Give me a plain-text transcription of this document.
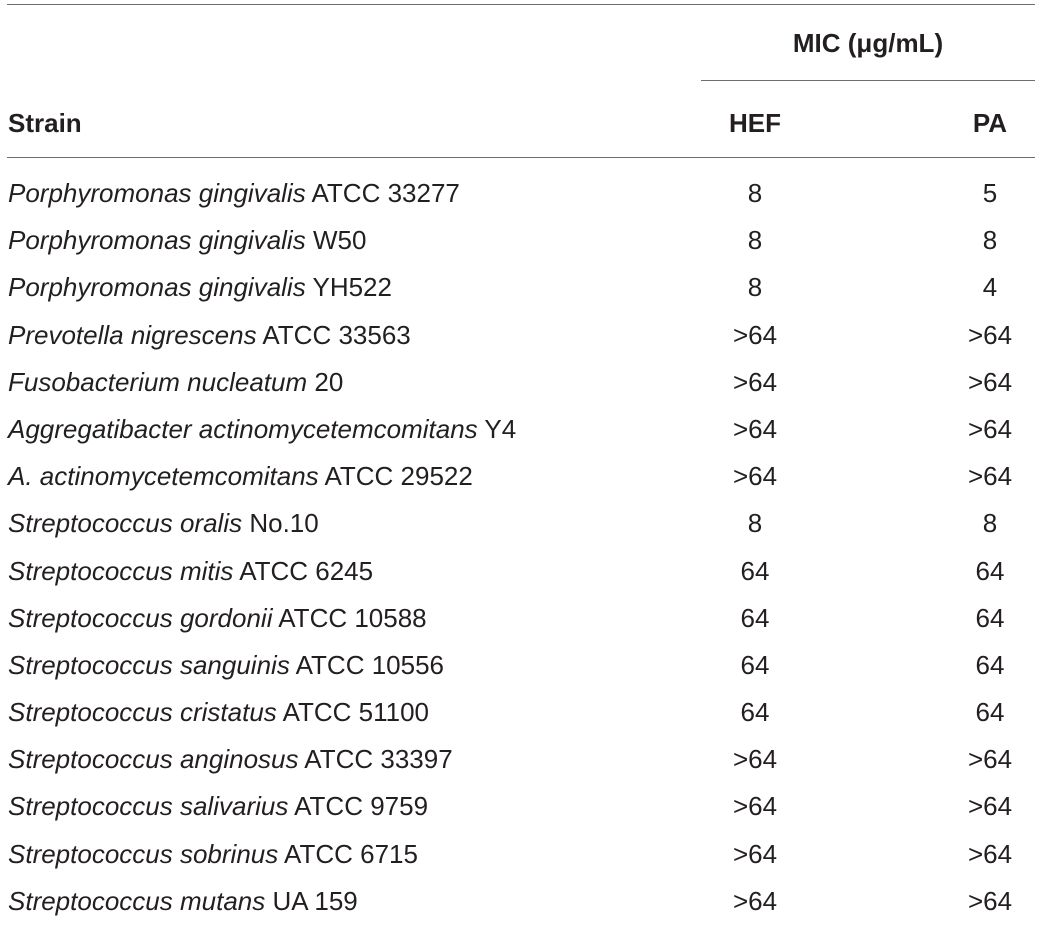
MIC (μg/mL)
Strain	HEF	PA
Porphyromonas gingivalis ATCC 33277	8	5
Porphyromonas gingivalis W50	8	8
Porphyromonas gingivalis YH522	8	4
Prevotella nigrescens ATCC 33563	>64	>64
Fusobacterium nucleatum 20	>64	>64
Aggregatibacter actinomycetemcomitans Y4	>64	>64
A. actinomycetemcomitans ATCC 29522	>64	>64
Streptococcus oralis No.10	8	8
Streptococcus mitis ATCC 6245	64	64
Streptococcus gordonii ATCC 10588	64	64
Streptococcus sanguinis ATCC 10556	64	64
Streptococcus cristatus ATCC 51100	64	64
Streptococcus anginosus ATCC 33397	>64	>64
Streptococcus salivarius ATCC 9759	>64	>64
Streptococcus sobrinus ATCC 6715	>64	>64
Streptococcus mutans UA 159	>64	>64
